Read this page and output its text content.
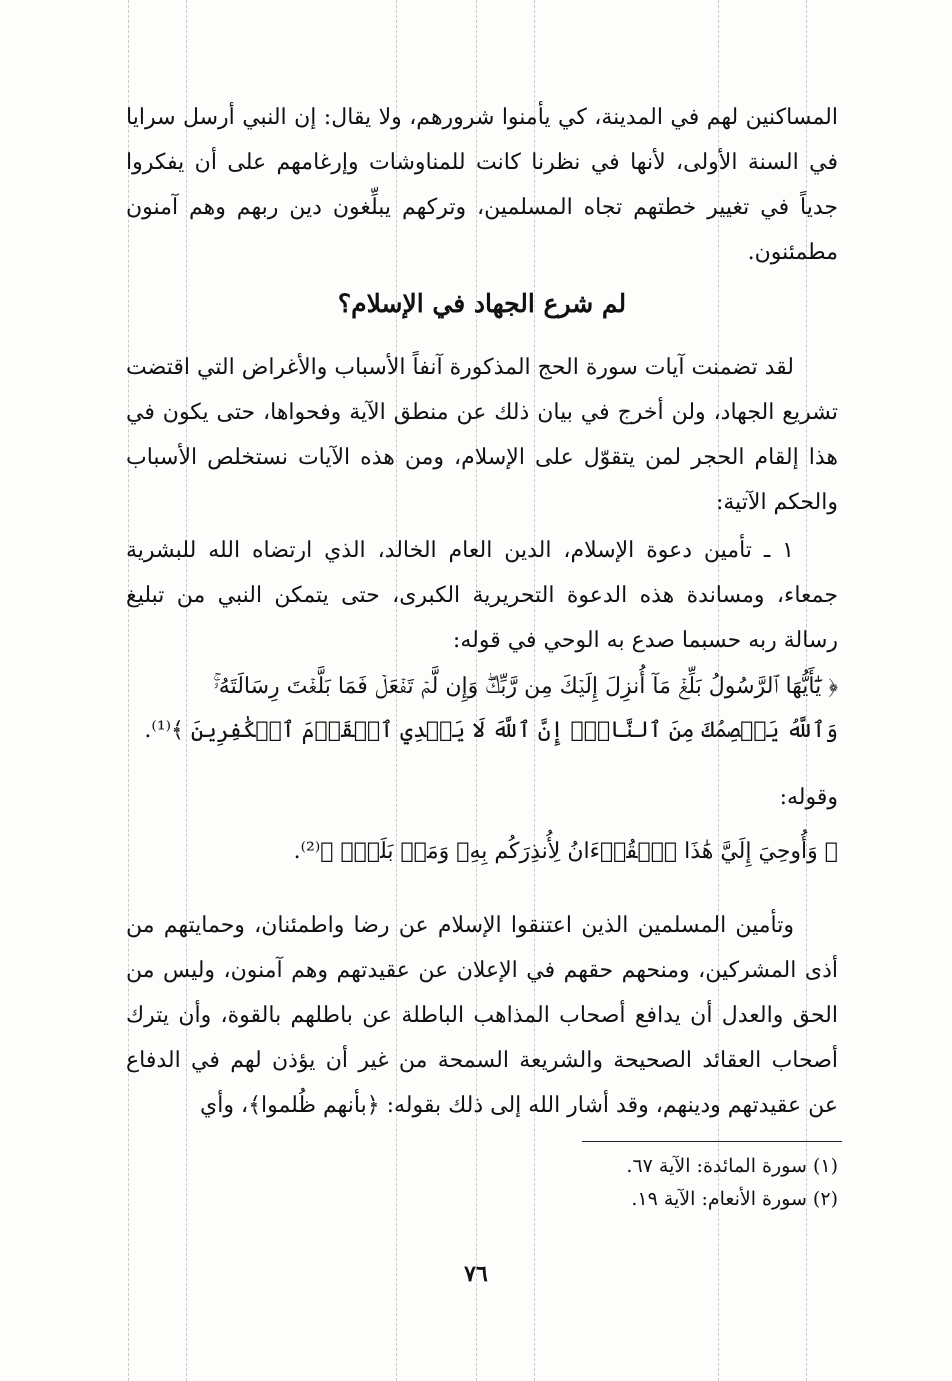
المساكنين لهم في المدينة، كي يأمنوا شرورهم، ولا يقال: إن النبي أرسل سرايا في السنة الأولى، لأنها في نظرنا كانت للمناوشات وإرغامهم على أن يفكروا جدياً في تغيير خطتهم تجاه المسلمين، وتركهم يبلِّغون دين ربهم وهم آمنون مطمئنون.

لم شرع الجهاد في الإسلام؟

لقد تضمنت آيات سورة الحج المذكورة آنفاً الأسباب والأغراض التي اقتضت تشريع الجهاد، ولن أخرج في بيان ذلك عن منطق الآية وفحواها، حتى يكون في هذا إلقام الحجر لمن يتقوّل على الإسلام، ومن هذه الآيات نستخلص الأسباب والحكم الآتية:

١ ـ تأمين دعوة الإسلام، الدين العام الخالد، الذي ارتضاه الله للبشرية جمعاء، ومساندة هذه الدعوة التحريرية الكبرى، حتى يتمكن النبي من تبليغ رسالة ربه حسبما صدع به الوحي في قوله:

﴿ يَٰٓأَيُّهَا ٱلرَّسُولُ بَلِّغۡ مَآ أُنزِلَ إِلَيۡكَ مِن رَّبِّكَۖ وَإِن لَّمۡ تَفۡعَلۡ فَمَا بَلَّغۡتَ رِسَالَتَهُۥۚ
وَٱللَّهُ يَعۡصِمُكَ مِنَ ٱلنَّاسِۗ إِنَّ ٱللَّهَ لَا يَهۡدِي ٱلۡقَوۡمَ ٱلۡكَٰفِرِينَ ﴾⁽¹⁾.
وقوله:
﴿ وَأُوحِيَ إِلَيَّ هَٰذَا ٱلۡقُرۡءَانُ لِأُنذِرَكُم بِهِۦ وَمَنۢ بَلَغَۚ ﴾⁽²⁾.

وتأمين المسلمين الذين اعتنقوا الإسلام عن رضا واطمئنان، وحمايتهم من أذى المشركين، ومنحهم حقهم في الإعلان عن عقيدتهم وهم آمنون، وليس من الحق والعدل أن يدافع أصحاب المذاهب الباطلة عن باطلهم بالقوة، وأن يترك أصحاب العقائد الصحيحة والشريعة السمحة من غير أن يؤذن لهم في الدفاع عن عقيدتهم ودينهم، وقد أشار الله إلى ذلك بقوله: ﴿بأنهم ظُلموا﴾، وأي

(١) سورة المائدة: الآية ٦٧.

(٢) سورة الأنعام: الآية ١٩.

٧٦
